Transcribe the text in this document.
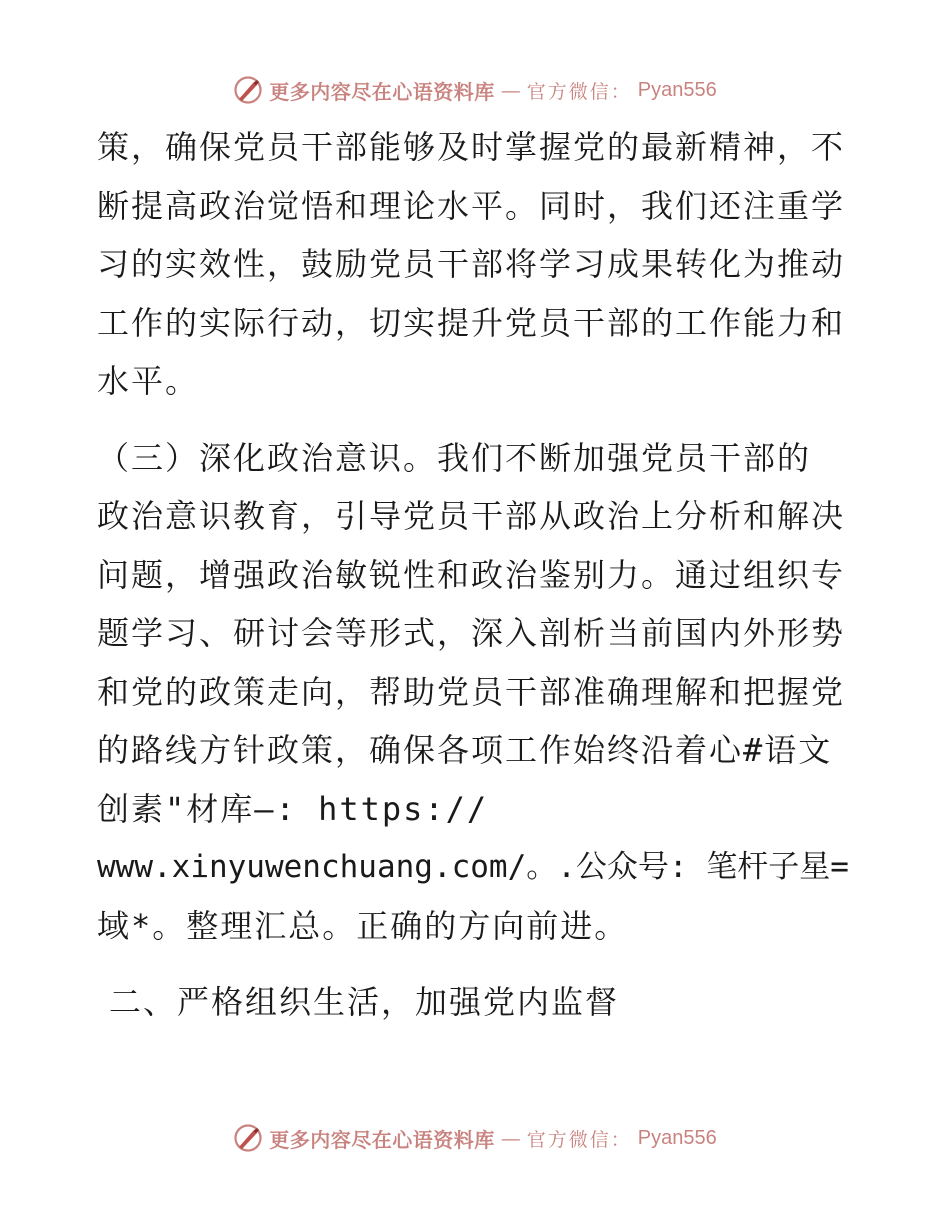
更多内容尽在心语资料库 — 官方微信： Pyan556
策，确保党员干部能够及时掌握党的最新精神，不
断提高政治觉悟和理论水平。同时，我们还注重学
习的实效性，鼓励党员干部将学习成果转化为推动
工作的实际行动，切实提升党员干部的工作能力和
水平。
（三）深化政治意识。我们不断加强党员干部的
政治意识教育，引导党员干部从政治上分析和解决
问题，增强政治敏锐性和政治鉴别力。通过组织专
题学习、研讨会等形式，深入剖析当前国内外形势
和党的政策走向，帮助党员干部准确理解和把握党
的路线方针政策，确保各项工作始终沿着心#语文
创素"材库—: https://
www.xinyuwenchuang.com/。.公众号: 笔杆子星=
域*。整理汇总。正确的方向前进。
二、严格组织生活，加强党内监督
更多内容尽在心语资料库 — 官方微信： Pyan556
